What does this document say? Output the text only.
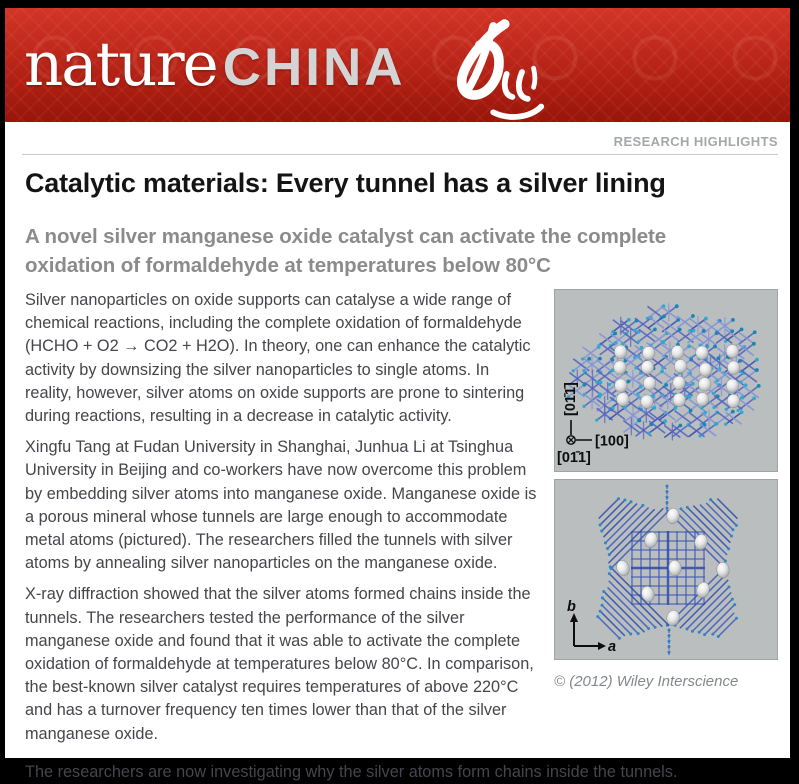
nature CHINA
RESEARCH HIGHLIGHTS
Catalytic materials: Every tunnel has a silver lining
A novel silver manganese oxide catalyst can activate the complete oxidation of formaldehyde at temperatures below 80°C

Silver nanoparticles on oxide supports can catalyse a wide range of chemical reactions, including the complete oxidation of formaldehyde (HCHO + O2 → CO2 + H2O). In theory, one can enhance the catalytic activity by downsizing the silver nanoparticles to single atoms. In reality, however, silver atoms on oxide supports are prone to sintering during reactions, resulting in a decrease in catalytic activity.

Xingfu Tang at Fudan University in Shanghai, Junhua Li at Tsinghua University in Beijing and co-workers have now overcome this problem by embedding silver atoms into manganese oxide. Manganese oxide is a porous mineral whose tunnels are large enough to accommodate metal atoms (pictured). The researchers filled the tunnels with silver atoms by annealing silver nanoparticles on the manganese oxide.

X-ray diffraction showed that the silver atoms formed chains inside the tunnels. The researchers tested the performance of the silver manganese oxide and found that it was able to activate the complete oxidation of formaldehyde at temperatures below 80°C. In comparison, the best-known silver catalyst requires temperatures of above 220°C and has a turnover frequency ten times lower than that of the silver manganese oxide.

[01̄1̄]
[100]
[01̄1]
b
a
© (2012) Wiley Interscience

The researchers are now investigating why the silver atoms form chains inside the tunnels.
